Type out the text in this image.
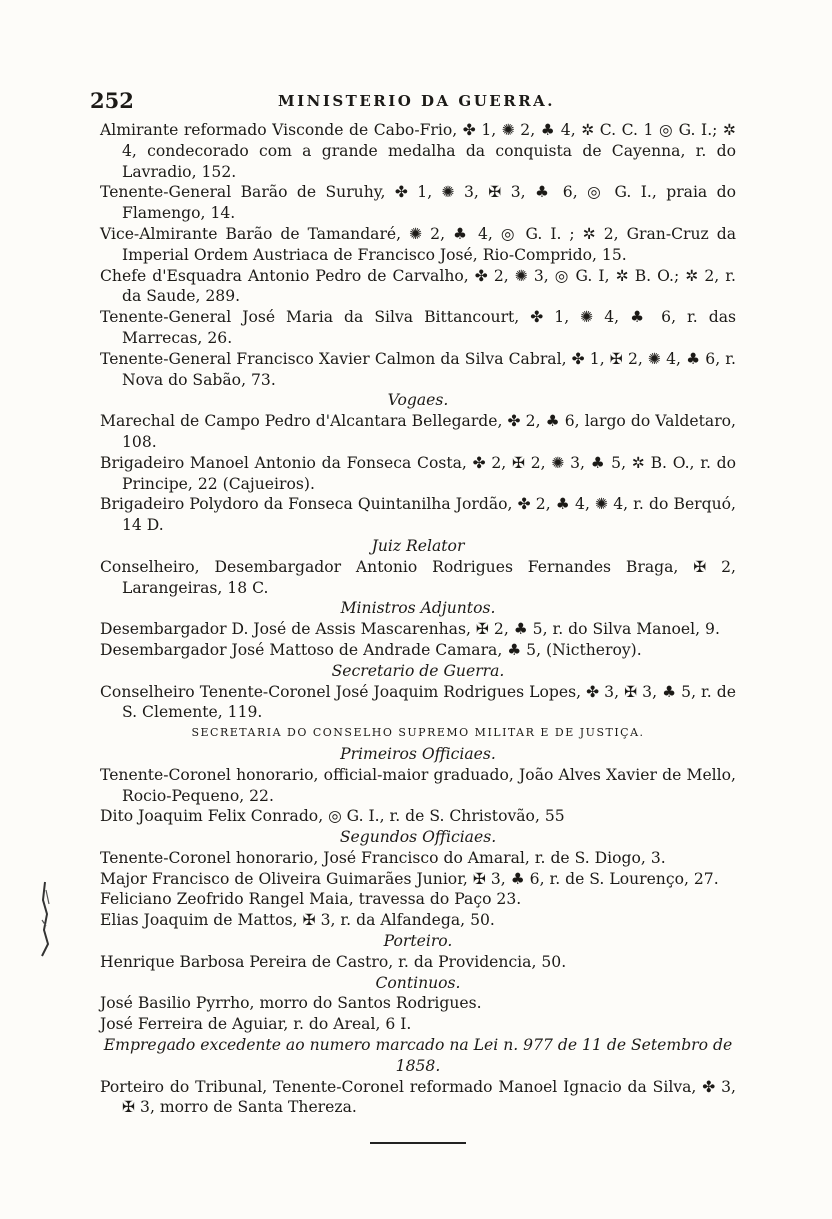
252	MINISTERIO DA GUERRA.

Almirante reformado Visconde de Cabo-Frio, ✤ 1, ✺ 2, ♣ 4, ✲ C. C. 1 ◎ G. I.; ✲ 4, condecorado com a grande medalha da conquista de Cayenna, r. do Lavradio, 152.

Tenente-General Barão de Suruhy, ✤ 1, ✺ 3, ✠ 3, ♣ 6, ◎ G. I., praia do Flamengo, 14.

Vice-Almirante Barão de Tamandaré, ✺ 2, ♣ 4, ◎ G. I. ; ✲ 2, Gran-Cruz da Imperial Ordem Austriaca de Francisco José, Rio-Comprido, 15.

Chefe d'Esquadra Antonio Pedro de Carvalho, ✤ 2, ✺ 3, ◎ G. I, ✲ B. O.; ✲ 2, r. da Saude, 289.

Tenente-General José Maria da Silva Bittancourt, ✤ 1, ✺ 4, ♣ 6, r. das Marrecas, 26.

Tenente-General Francisco Xavier Calmon da Silva Cabral, ✤ 1, ✠ 2, ✺ 4, ♣ 6, r. Nova do Sabão, 73.

Vogaes.

Marechal de Campo Pedro d'Alcantara Bellegarde, ✤ 2, ♣ 6, largo do Valdetaro, 108.

Brigadeiro Manoel Antonio da Fonseca Costa, ✤ 2, ✠ 2, ✺ 3, ♣ 5, ✲ B. O., r. do Principe, 22 (Cajueiros).

Brigadeiro Polydoro da Fonseca Quintanilha Jordão, ✤ 2, ♣ 4, ✺ 4, r. do Berquó, 14 D.

Juiz Relator

Conselheiro, Desembargador Antonio Rodrigues Fernandes Braga, ✠ 2, Larangeiras, 18 C.

Ministros Adjuntos.

Desembargador D. José de Assis Mascarenhas, ✠ 2, ♣ 5, r. do Silva Manoel, 9.

Desembargador José Mattoso de Andrade Camara, ♣ 5, (Nictheroy).

Secretario de Guerra.

Conselheiro Tenente-Coronel José Joaquim Rodrigues Lopes, ✤ 3, ✠ 3, ♣ 5, r. de S. Clemente, 119.

SECRETARIA DO CONSELHO SUPREMO MILITAR E DE JUSTIÇA.

Primeiros Officiaes.

Tenente-Coronel honorario, official-maior graduado, João Alves Xavier de Mello, Rocio-Pequeno, 22.

Dito Joaquim Felix Conrado, ◎ G. I., r. de S. Christovão, 55

Segundos Officiaes.

Tenente-Coronel honorario, José Francisco do Amaral, r. de S. Diogo, 3.

Major Francisco de Oliveira Guimarães Junior, ✠ 3, ♣ 6, r. de S. Lourenço, 27.

Feliciano Zeofrido Rangel Maia, travessa do Paço 23.

Elias Joaquim de Mattos, ✠ 3, r. da Alfandega, 50.

Porteiro.

Henrique Barbosa Pereira de Castro, r. da Providencia, 50.

Continuos.

José Basilio Pyrrho, morro do Santos Rodrigues.

José Ferreira de Aguiar, r. do Areal, 6 I.

Empregado excedente ao numero marcado na Lei n. 977 de 11 de Setembro de 1858.

Porteiro do Tribunal, Tenente-Coronel reformado Manoel Ignacio da Silva, ✤ 3, ✠ 3, morro de Santa Thereza.
